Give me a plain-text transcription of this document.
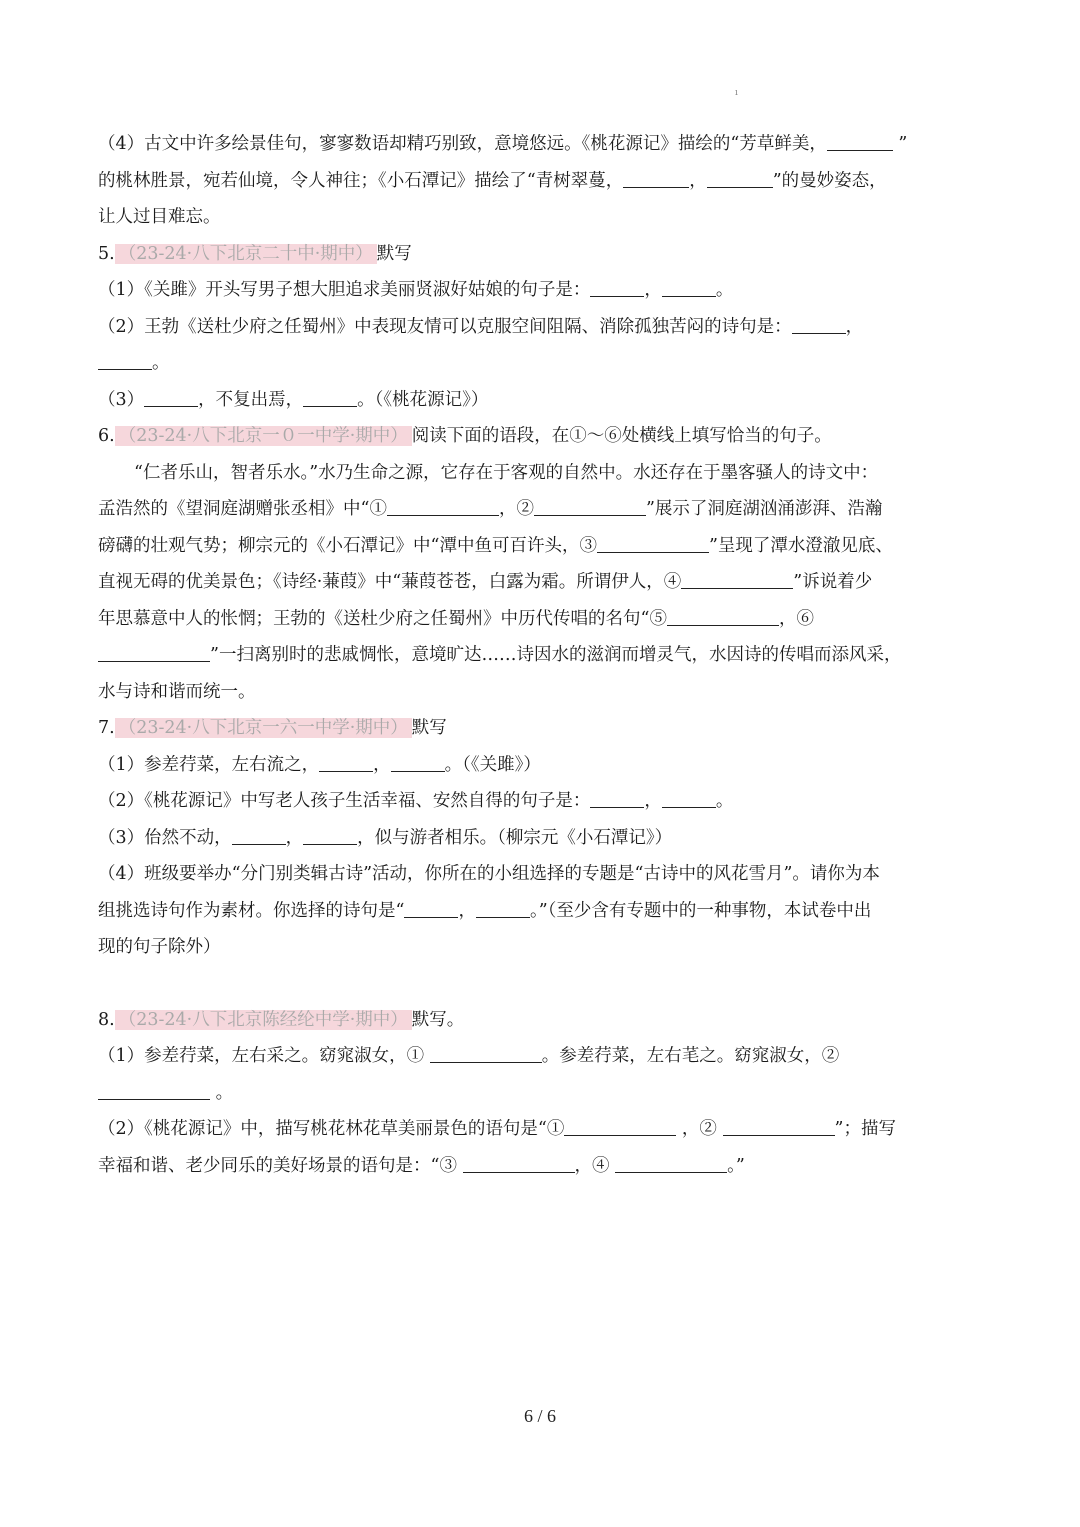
ı
（4）古文中许多绘景佳句，寥寥数语却精巧别致，意境悠远。《桃花源记》描绘的“芳草鲜美，	”
的桃林胜景，宛若仙境，令人神往；《小石潭记》描绘了“青树翠蔓，	，	”的曼妙姿态，
让人过目难忘。
5. （23-24·八下北京二十中·期中） 默写
（1）《关雎》开头写男子想大胆追求美丽贤淑好姑娘的句子是：	，	。
（2）王勃《送杜少府之任蜀州》中表现友情可以克服空间阻隔、消除孤独苦闷的诗句是：	，
。
（3）	，不复出焉，	。（《桃花源记》）
6. （23-24·八下北京一０一中学·期中） 阅读下面的语段，在①～⑥处横线上填写恰当的句子。
“仁者乐山，智者乐水。”水乃生命之源，它存在于客观的自然中。水还存在于墨客骚人的诗文中：
孟浩然的《望洞庭湖赠张丞相》中“①	，②	”展示了洞庭湖汹涌澎湃、浩瀚
磅礴的壮观气势；柳宗元的《小石潭记》中“潭中鱼可百许头，③	”呈现了潭水澄澈见底、
直视无碍的优美景色；《诗经·蒹葭》中“蒹葭苍苍，白露为霜。所谓伊人，④	”诉说着少
年思慕意中人的怅惘；王勃的《送杜少府之任蜀州》中历代传唱的名句“⑤	，⑥
”一扫离别时的悲戚惆怅，意境旷达……诗因水的滋润而增灵气，水因诗的传唱而添风采，
水与诗和谐而统一。
7. （23-24·八下北京一六一中学·期中） 默写
（1）参差荇菜，左右流之，	，	。（《关雎》）
（2）《桃花源记》中写老人孩子生活幸福、安然自得的句子是：	，	。
（3）佁然不动，	，	，似与游者相乐。（柳宗元《小石潭记》）
（4）班级要举办“分门别类辑古诗”活动，你所在的小组选择的专题是“古诗中的风花雪月”。请你为本
组挑选诗句作为素材。你选择的诗句是“	，	。”（至少含有专题中的一种事物，本试卷中出
现的句子除外）
8. （23-24·八下北京陈经纶中学·期中） 默写。
（1）参差荇菜，左右采之。窈窕淑女，①	。参差荇菜，左右芼之。窈窕淑女，②
。
（2）《桃花源记》中，描写桃花林花草美丽景色的语句是“①	，②	”；描写
幸福和谐、老少同乐的美好场景的语句是：“③	，④	。”
6 / 6
